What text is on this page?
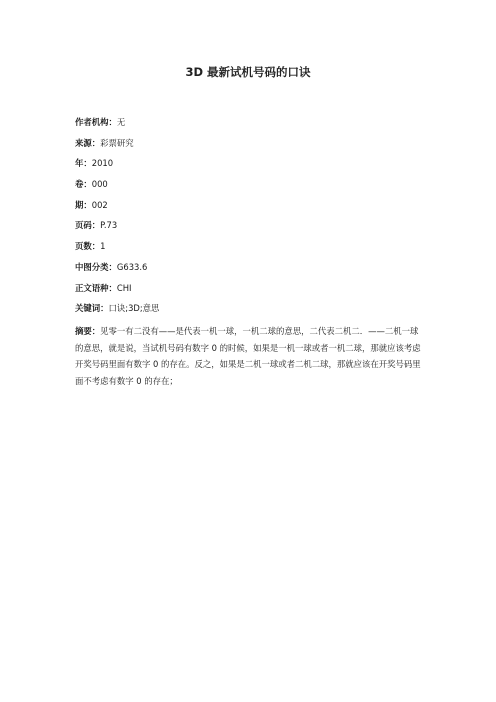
3D 最新试机号码的口诀
作者机构：无
来源：彩票研究
年：2010
卷：000
期：002
页码：P.73
页数：1
中图分类：G633.6
正文语种：CHI
关键词：口诀;3D;意思
摘要：见零一有二没有——是代表一机一球，一机二球的意思，二代表二机二．——二机一球的意思，就是说，当试机号码有数字 0 的时候，如果是一机一球或者一机二球，那就应该考虑开奖号码里面有数字 0 的存在。反之，如果是二机一球或者二机二球，那就应该在开奖号码里面不考虑有数字 0 的存在；
